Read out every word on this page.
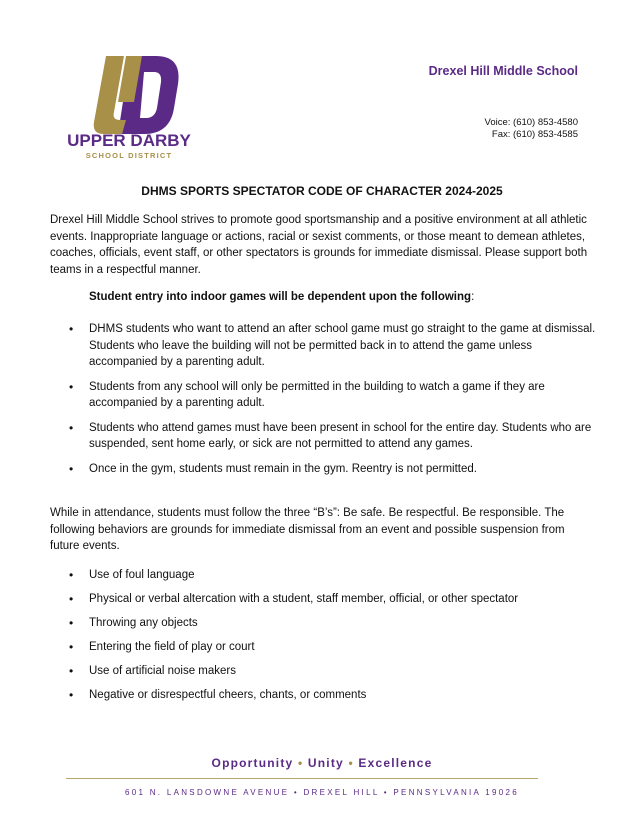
UPPER DARBY
SCHOOL DISTRICT
Drexel Hill Middle School
Voice: (610) 853-4580
Fax: (610) 853-4585
DHMS SPORTS SPECTATOR CODE OF CHARACTER 2024-2025
Drexel Hill Middle School strives to promote good sportsmanship and a positive environment at all athletic events. Inappropriate language or actions, racial or sexist comments, or those meant to demean athletes, coaches, officials, event staff, or other spectators is grounds for immediate dismissal. Please support both teams in a respectful manner.
Student entry into indoor games will be dependent upon the following:
• DHMS students who want to attend an after school game must go straight to the game at dismissal. Students who leave the building will not be permitted back in to attend the game unless accompanied by a parenting adult.
• Students from any school will only be permitted in the building to watch a game if they are accompanied by a parenting adult.
• Students who attend games must have been present in school for the entire day. Students who are suspended, sent home early, or sick are not permitted to attend any games.
• Once in the gym, students must remain in the gym. Reentry is not permitted.
While in attendance, students must follow the three “B’s”: Be safe. Be respectful. Be responsible. The following behaviors are grounds for immediate dismissal from an event and possible suspension from future events.
• Use of foul language
• Physical or verbal altercation with a student, staff member, official, or other spectator
• Throwing any objects
• Entering the field of play or court
• Use of artificial noise makers
• Negative or disrespectful cheers, chants, or comments
Opportunity • Unity • Excellence
601 N. LANSDOWNE AVENUE • DREXEL HILL • PENNSYLVANIA 19026
